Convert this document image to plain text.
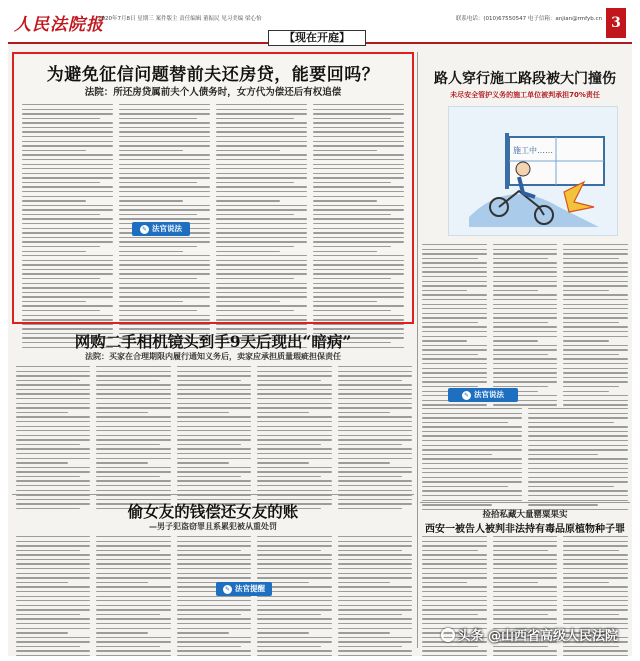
人民法院报
2020年7月8日 星期三 案件版主 责任编辑 董振民 见习美编 梁心怡	联系电话：(010)67550547 电子信箱：anjian@rmfyb.cn 3
【现在开庭】
为避免征信问题替前夫还房贷，能要回吗？
法院：所还房贷属前夫个人债务时，女方代为偿还后有权追偿
✎ 法官说法
路人穿行施工路段被大门撞伤
未尽安全管护义务的施工单位被判承担70%责任
施工中……
✎ 法官说法
网购二手相机镜头到手9天后现出“暗病”
法院：买家在合理期限内履行通知义务后，卖家应承担质量瑕疵担保责任
偷女友的钱偿还女友的账
—男子犯盗窃罪且系累犯被从重处罚
✎ 法官提醒
捡拾私藏大量罂粟果实
西安一被告人被判非法持有毒品原植物种子罪
头条 @山西省高级人民法院
